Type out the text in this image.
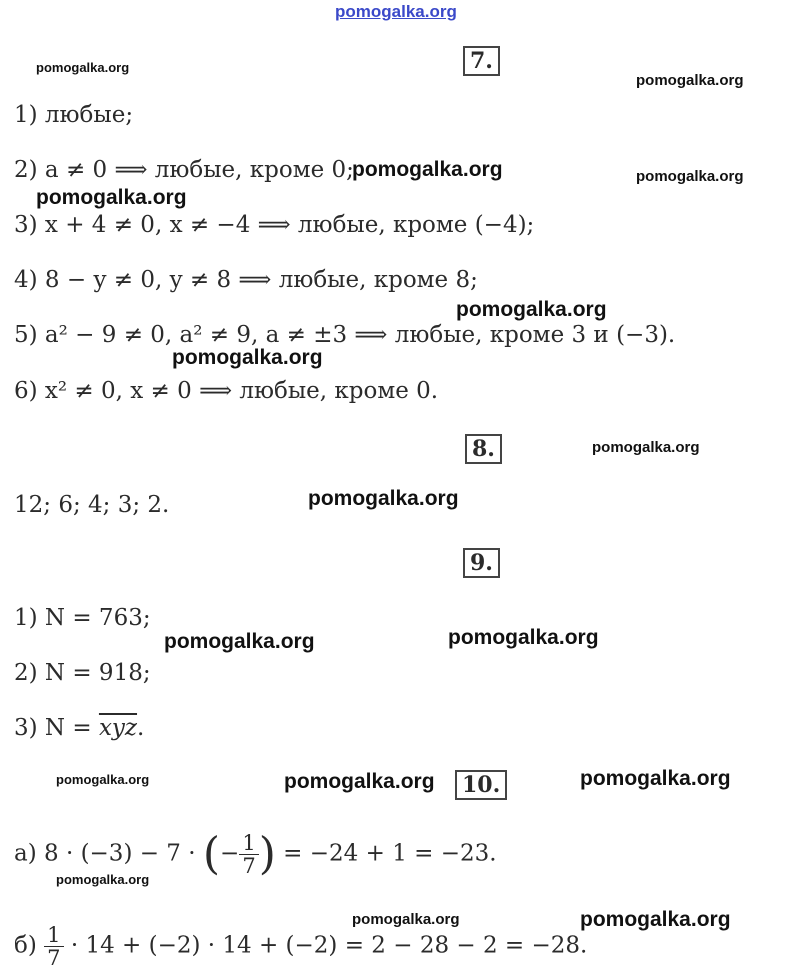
pomogalka.org
7.
pomogalka.org
pomogalka.org
1) любые;
2) a ≠ 0 ⟹ любые, кроме 0;
pomogalka.org	pomogalka.org
pomogalka.org
3) x + 4 ≠ 0, x ≠ −4 ⟹ любые, кроме (−4);
4) 8 − y ≠ 0, y ≠ 8 ⟹ любые, кроме 8;
pomogalka.org
5) a² − 9 ≠ 0, a² ≠ 9, a ≠ ±3 ⟹ любые, кроме 3 и (−3).
pomogalka.org
6) x² ≠ 0, x ≠ 0 ⟹ любые, кроме 0.
8.	pomogalka.org
pomogalka.org
12; 6; 4; 3; 2.
9.
1) N = 763;
pomogalka.org	pomogalka.org
2) N = 918;
3) $N = \overline{xyz}$.
pomogalka.org	pomogalka.org	10.	pomogalka.org
а) 8 · (−3) − 7 · (− $\frac{1}{7}$ ) = −24 + 1 = −23.
pomogalka.org
pomogalka.org	pomogalka.org
$б) \frac{1}{7} \cdot 14 + (-2) \cdot 14 + (-2) = 2 - 28 - 2 = -28$.
